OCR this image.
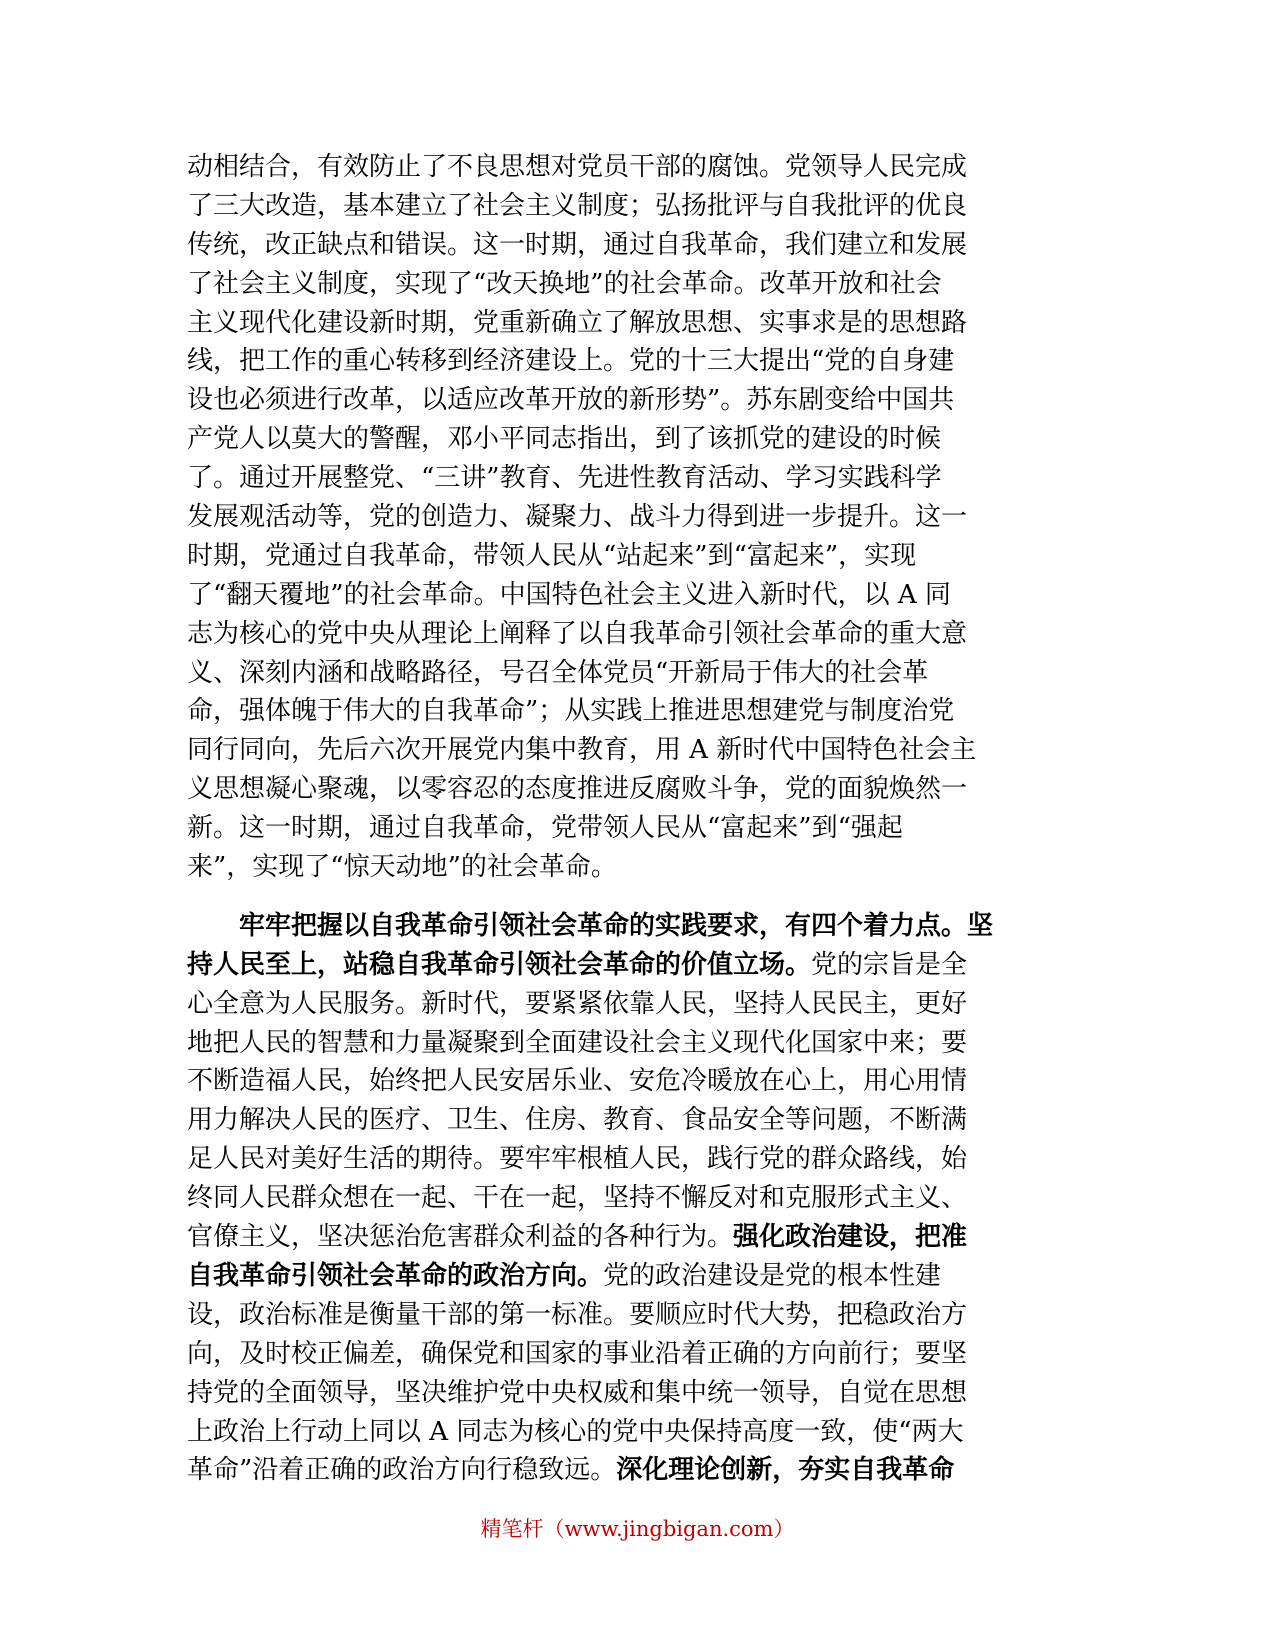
动相结合，有效防止了不良思想对党员干部的腐蚀。党领导人民完成
了三大改造，基本建立了社会主义制度；弘扬批评与自我批评的优良
传统，改正缺点和错误。这一时期，通过自我革命，我们建立和发展
了社会主义制度，实现了“改天换地”的社会革命。改革开放和社会
主义现代化建设新时期，党重新确立了解放思想、实事求是的思想路
线，把工作的重心转移到经济建设上。党的十三大提出“党的自身建
设也必须进行改革，以适应改革开放的新形势”。苏东剧变给中国共
产党人以莫大的警醒，邓小平同志指出，到了该抓党的建设的时候
了。通过开展整党、“三讲”教育、先进性教育活动、学习实践科学
发展观活动等，党的创造力、凝聚力、战斗力得到进一步提升。这一
时期，党通过自我革命，带领人民从“站起来”到“富起来”，实现
了“翻天覆地”的社会革命。中国特色社会主义进入新时代，以 A 同
志为核心的党中央从理论上阐释了以自我革命引领社会革命的重大意
义、深刻内涵和战略路径，号召全体党员“开新局于伟大的社会革
命，强体魄于伟大的自我革命”；从实践上推进思想建党与制度治党
同行同向，先后六次开展党内集中教育，用 A 新时代中国特色社会主
义思想凝心聚魂，以零容忍的态度推进反腐败斗争，党的面貌焕然一
新。这一时期，通过自我革命，党带领人民从“富起来”到“强起
来”，实现了“惊天动地”的社会革命。
牢牢把握以自我革命引领社会革命的实践要求，有四个着力点。坚
持人民至上，站稳自我革命引领社会革命的价值立场。党的宗旨是全
心全意为人民服务。新时代，要紧紧依靠人民，坚持人民民主，更好
地把人民的智慧和力量凝聚到全面建设社会主义现代化国家中来；要
不断造福人民，始终把人民安居乐业、安危冷暖放在心上，用心用情
用力解决人民的医疗、卫生、住房、教育、食品安全等问题，不断满
足人民对美好生活的期待。要牢牢根植人民，践行党的群众路线，始
终同人民群众想在一起、干在一起，坚持不懈反对和克服形式主义、
官僚主义，坚决惩治危害群众利益的各种行为。强化政治建设，把准
自我革命引领社会革命的政治方向。党的政治建设是党的根本性建
设，政治标准是衡量干部的第一标准。要顺应时代大势，把稳政治方
向，及时校正偏差，确保党和国家的事业沿着正确的方向前行；要坚
持党的全面领导，坚决维护党中央权威和集中统一领导，自觉在思想
上政治上行动上同以 A 同志为核心的党中央保持高度一致，使“两大
革命”沿着正确的政治方向行稳致远。深化理论创新，夯实自我革命
精笔杆（www.jingbigan.com）
